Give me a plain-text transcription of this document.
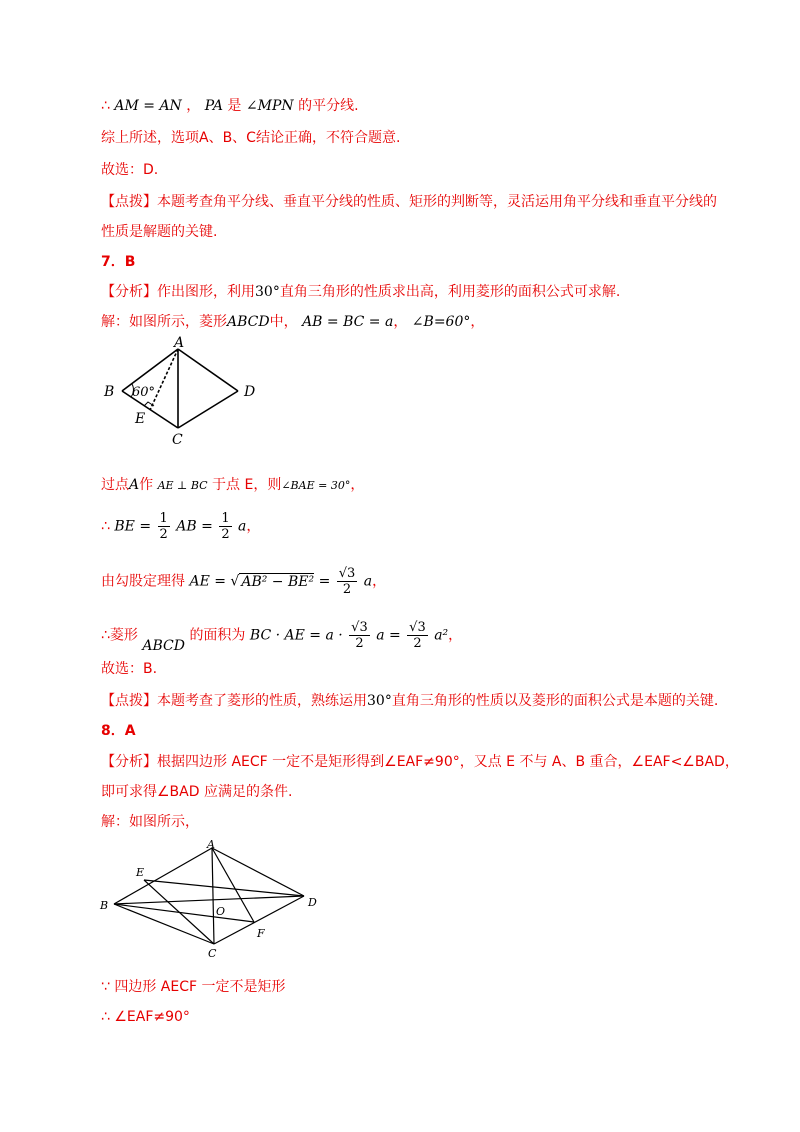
∴ AM = AN ， PA 是 ∠MPN 的平分线.
综上所述，选项A、B、C结论正确，不符合题意.
故选：D.
【点拨】本题考查角平分线、垂直平分线的性质、矩形的判断等，灵活运用角平分线和垂直平分线的
性质是解题的关键.
7．B
【分析】作出图形，利用30°直角三角形的性质求出高，利用菱形的面积公式可求解.
解：如图所示，菱形ABCD中， AB = BC = a， ∠B=60°，
A
B
C
D
E
60°
过点A作 AE ⊥ BC 于点 E，则∠BAE = 30°，
∴ BE = $\frac{1}{2}$ AB = $\frac{1}{2}$ a，
由勾股定理得 AE = √ $AB^2 - BE^2 = \frac{√3}{2}$ a，
∴菱形 ABCD 的面积为 BC · AE = $a \cdot \frac{√3}{2}$ $a = \frac{√3}{2} a^2$，
故选：B.
【点拨】本题考查了菱形的性质，熟练运用30°直角三角形的性质以及菱形的面积公式是本题的关键.
8．A
【分析】根据四边形 AECF 一定不是矩形得到∠EAF≠90°，又点 E 不与 A、B 重合，∠EAF<∠BAD，
即可求得∠BAD 应满足的条件.
解：如图所示，
A
B
C
D
E
F
O
∵ 四边形 AECF 一定不是矩形
∴ ∠EAF≠90°
